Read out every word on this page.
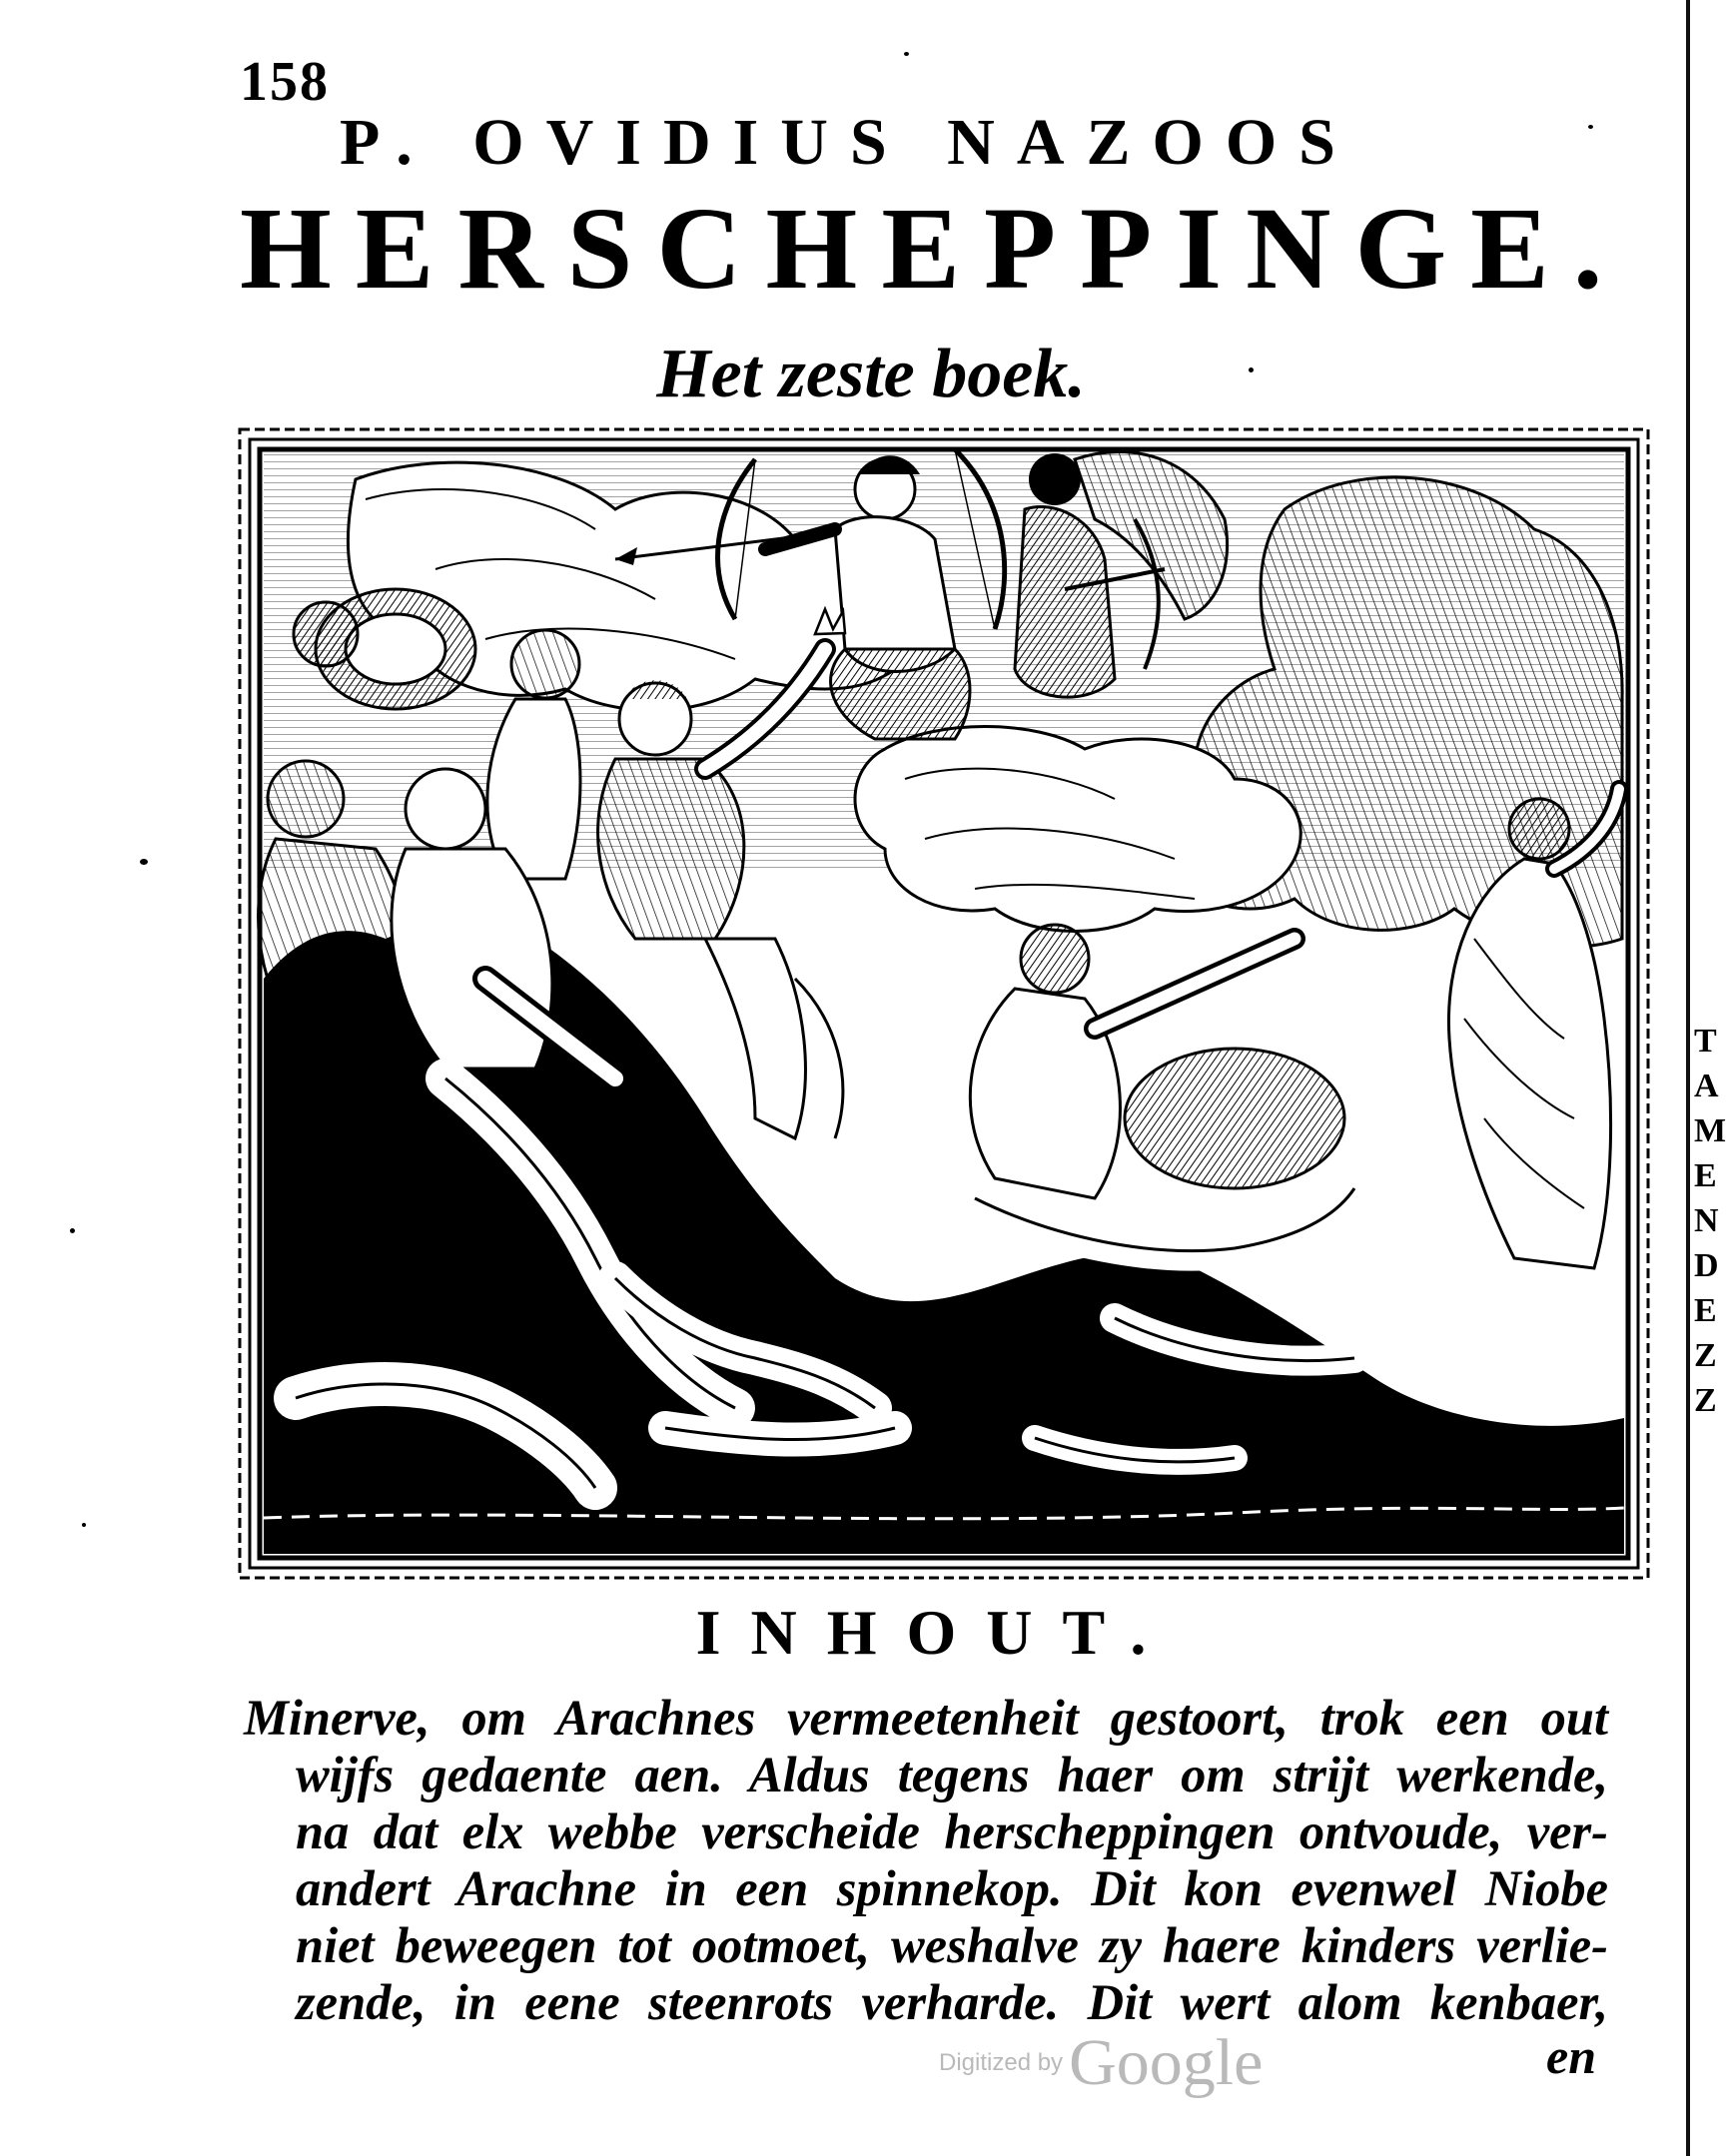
T
A
M
E
N
D
E
Z
Z
158
P. OVIDIUS NAZOOS
HERSCHEPPINGE.
Het zeste boek.
INHOUT.
Minerve, om Arachnes vermeetenheit gestoort, trok een out
wijfs gedaente aen. Aldus tegens haer om strijt werkende,
na dat elx webbe verscheide herscheppingen ontvoude, ver-
andert Arachne in een spinnekop. Dit kon evenwel Niobe
niet beweegen tot ootmoet, weshalve zy haere kinders verlie-
zende, in eene steenrots verharde. Dit wert alom kenbaer,
Digitized byGoogle	en
